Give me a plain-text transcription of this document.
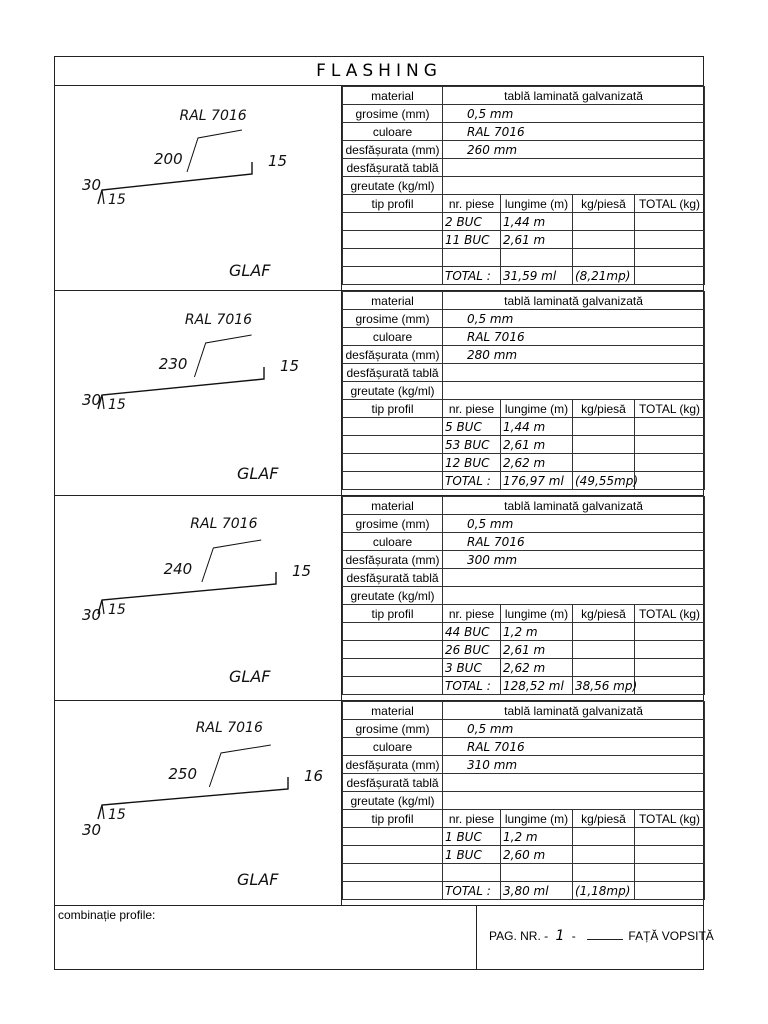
FLASHING
RAL 7016
200	15
30
15
GLAF
material	tablă laminată galvanizată			
grosime (mm)	0,5 mm			
culoare	RAL 7016			
desfășurata (mm)	260 mm			
desfășurată tablă				
greutate (kg/ml)				
tip profil	nr. piese	lungime (m)	kg/piesă	TOTAL (kg)
	2 BUC	1,44 m		
	11 BUC	2,61 m		

	TOTAL :	31,59 ml	(8,21mp)	
RAL 7016
230	15
30 15
GLAF
material	tablă laminată galvanizată			
grosime (mm)	0,5 mm			
culoare	RAL 7016			
desfășurata (mm)	280 mm			
desfășurată tablă				
greutate (kg/ml)				
tip profil	nr. piese	lungime (m)	kg/piesă	TOTAL (kg)
	5 BUC	1,44 m		
	53 BUC	2,61 m		
	12 BUC	2,62 m		
	TOTAL :	176,97 ml	(49,55mp)	
RAL 7016
240	15
30 15
GLAF
material	tablă laminată galvanizată			
grosime (mm)	0,5 mm			
culoare	RAL 7016			
desfășurata (mm)	300 mm			
desfășurată tablă				
greutate (kg/ml)				
tip profil	nr. piese	lungime (m)	kg/piesă	TOTAL (kg)
	44 BUC	1,2 m		
	26 BUC	2,61 m		
	3 BUC	2,62 m		
	TOTAL :	128,52 ml	38,56 mp)	
RAL 7016
250	16
30
15
GLAF
material	tablă laminată galvanizată			
grosime (mm)	0,5 mm			
culoare	RAL 7016			
desfășurata (mm)	310 mm			
desfășurată tablă				
greutate (kg/ml)				
tip profil	nr. piese	lungime (m)	kg/piesă	TOTAL (kg)
	1 BUC	1,2 m		
	1 BUC	2,60 m		

	TOTAL :	3,80 ml	(1,18mp)	
combinație profile:
PAG. NR. - 1 -	FAȚĂ VOPSITĂ
